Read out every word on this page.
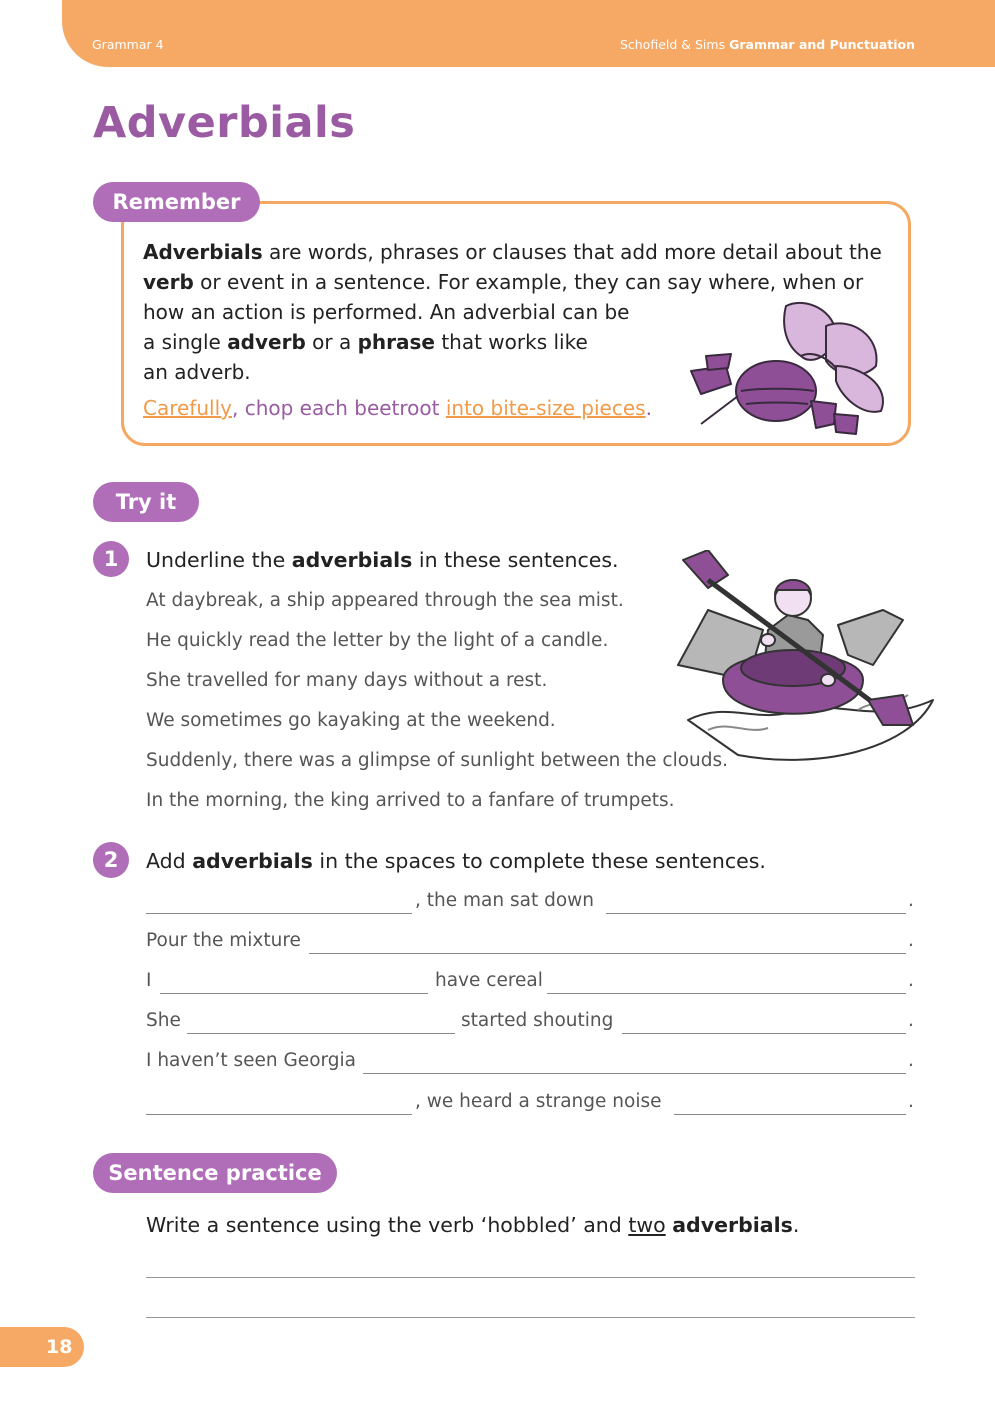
Grammar 4	Schofield & Sims Grammar and Punctuation
Adverbials
Remember
Adverbials are words, phrases or clauses that add more detail about the
verb or event in a sentence. For example, they can say where, when or
how an action is performed. An adverbial can be
a single adverb or a phrase that works like
an adverb.
Carefully, chop each beetroot into bite-size pieces.
Try it
1	Underline the adverbials in these sentences.
At daybreak, a ship appeared through the sea mist.
He quickly read the letter by the light of a candle.
She travelled for many days without a rest.
We sometimes go kayaking at the weekend.
Suddenly, there was a glimpse of sunlight between the clouds.
In the morning, the king arrived to a fanfare of trumpets.
2	Add adverbials in the spaces to complete these sentences.
, the man sat down	.
Pour the mixture	.
I	have cereal	.
She	started shouting	.
I haven’t seen Georgia	.
, we heard a strange noise	.
Sentence practice
Write a sentence using the verb ‘hobbled’ and two adverbials.
18
